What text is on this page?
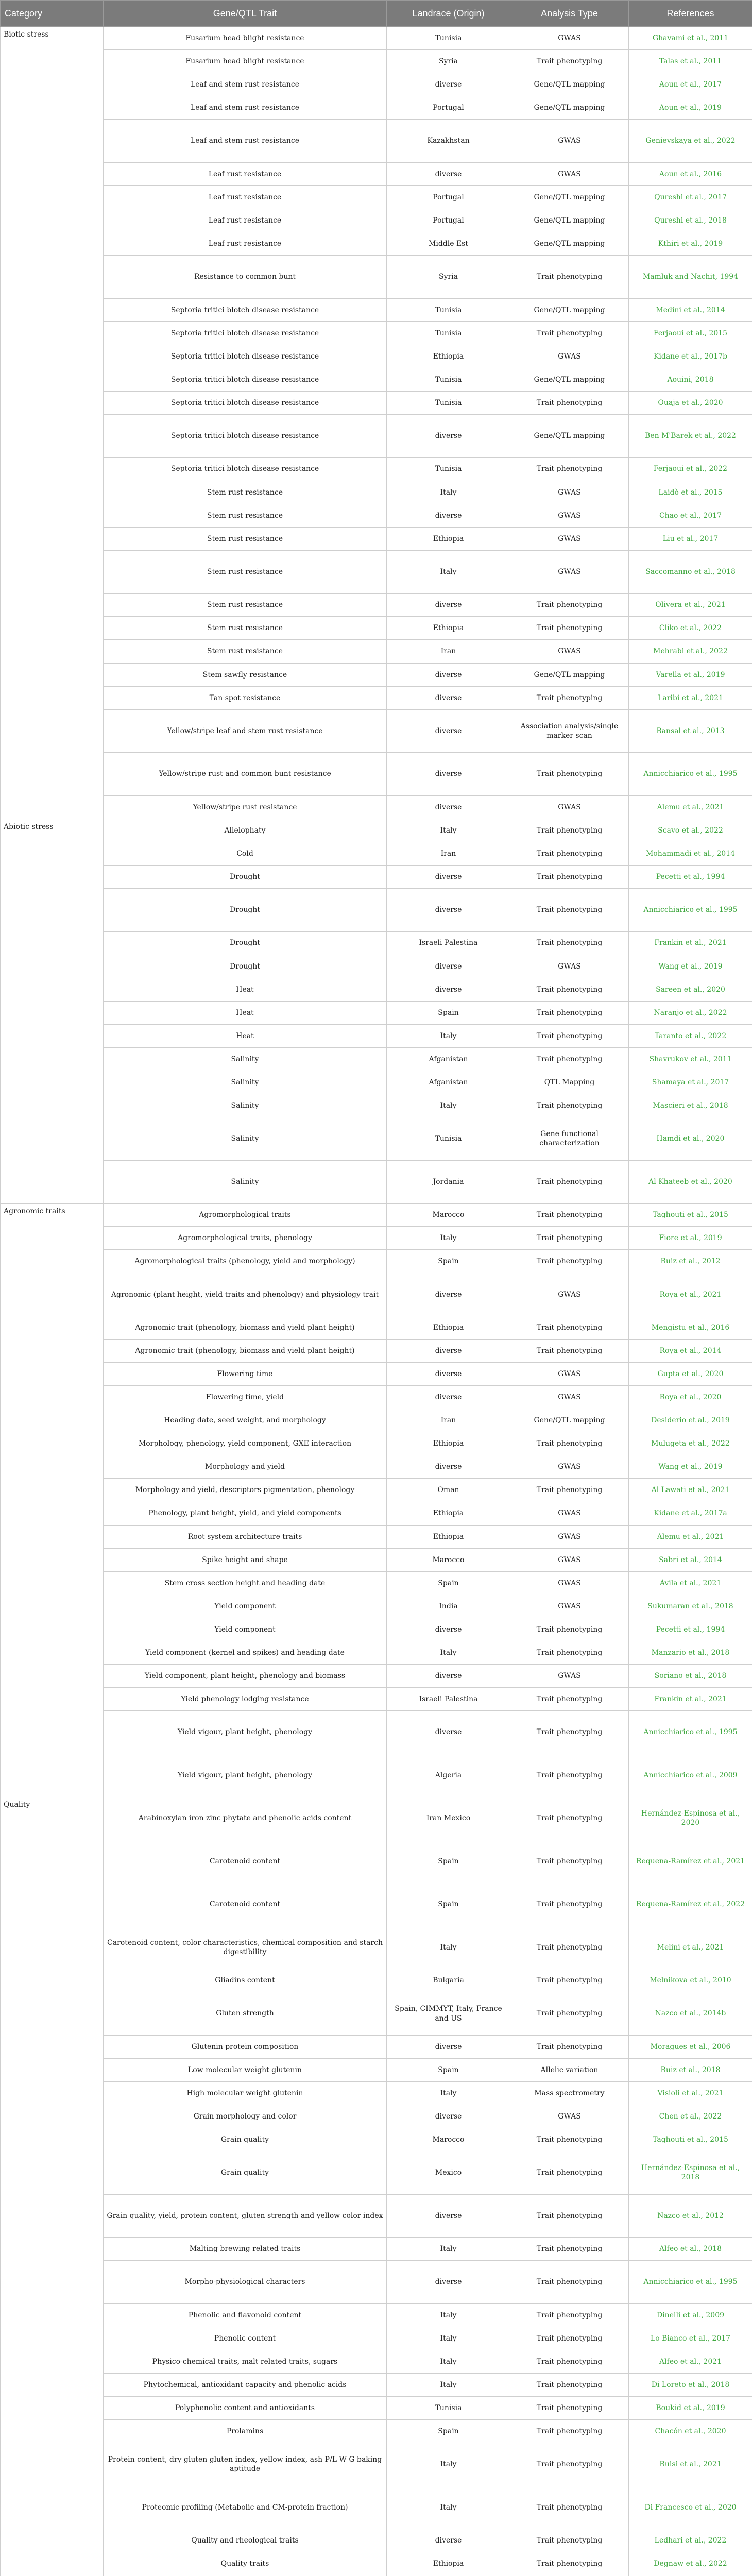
Category	Gene/QTL Trait	Landrace (Origin)	Analysis Type	References
Biotic stress	Fusarium head blight resistance	Tunisia	GWAS	Ghavami et al., 2011
	Fusarium head blight resistance	Syria	Trait phenotyping	Talas et al., 2011
	Leaf and stem rust resistance	diverse	Gene/QTL mapping	Aoun et al., 2017
	Leaf and stem rust resistance	Portugal	Gene/QTL mapping	Aoun et al., 2019
	Leaf and stem rust resistance	Kazakhstan	GWAS	Genievskaya et al., 2022
	Leaf rust resistance	diverse	GWAS	Aoun et al., 2016
	Leaf rust resistance	Portugal	Gene/QTL mapping	Qureshi et al., 2017
	Leaf rust resistance	Portugal	Gene/QTL mapping	Qureshi et al., 2018
	Leaf rust resistance	Middle Est	Gene/QTL mapping	Kthiri et al., 2019
	Resistance to common bunt	Syria	Trait phenotyping	Mamluk and Nachit, 1994
	Septoria tritici blotch disease resistance	Tunisia	Gene/QTL mapping	Medini et al., 2014
	Septoria tritici blotch disease resistance	Tunisia	Trait phenotyping	Ferjaoui et al., 2015
	Septoria tritici blotch disease resistance	Ethiopia	GWAS	Kidane et al., 2017b
	Septoria tritici blotch disease resistance	Tunisia	Gene/QTL mapping	Aouini, 2018
	Septoria tritici blotch disease resistance	Tunisia	Trait phenotyping	Ouaja et al., 2020
	Septoria tritici blotch disease resistance	diverse	Gene/QTL mapping	Ben M'Barek et al., 2022
	Septoria tritici blotch disease resistance	Tunisia	Trait phenotyping	Ferjaoui et al., 2022
	Stem rust resistance	Italy	GWAS	Laidò et al., 2015
	Stem rust resistance	diverse	GWAS	Chao et al., 2017
	Stem rust resistance	Ethiopia	GWAS	Liu et al., 2017
	Stem rust resistance	Italy	GWAS	Saccomanno et al., 2018
	Stem rust resistance	diverse	Trait phenotyping	Olivera et al., 2021
	Stem rust resistance	Ethiopia	Trait phenotyping	Cliko et al., 2022
	Stem rust resistance	Iran	GWAS	Mehrabi et al., 2022
	Stem sawfly resistance	diverse	Gene/QTL mapping	Varella et al., 2019
	Tan spot resistance	diverse	Trait phenotyping	Laribi et al., 2021
	Yellow/stripe leaf and stem rust resistance	diverse	Association analysis/single marker scan	Bansal et al., 2013
	Yellow/stripe rust and common bunt resistance	diverse	Trait phenotyping	Annicchiarico et al., 1995
	Yellow/stripe rust resistance	diverse	GWAS	Alemu et al., 2021
Abiotic stress	Allelophaty	Italy	Trait phenotyping	Scavo et al., 2022
	Cold	Iran	Trait phenotyping	Mohammadi et al., 2014
	Drought	diverse	Trait phenotyping	Pecetti et al., 1994
	Drought	diverse	Trait phenotyping	Annicchiarico et al., 1995
	Drought	Israeli Palestina	Trait phenotyping	Frankin et al., 2021
	Drought	diverse	GWAS	Wang et al., 2019
	Heat	diverse	Trait phenotyping	Sareen et al., 2020
	Heat	Spain	Trait phenotyping	Naranjo et al., 2022
	Heat	Italy	Trait phenotyping	Taranto et al., 2022
	Salinity	Afganistan	Trait phenotyping	Shavrukov et al., 2011
	Salinity	Afganistan	QTL Mapping	Shamaya et al., 2017
	Salinity	Italy	Trait phenotyping	Mascieri et al., 2018
	Salinity	Tunisia	Gene functional characterization	Hamdi et al., 2020
	Salinity	Jordania	Trait phenotyping	Al Khateeb et al., 2020
Agronomic traits	Agromorphological traits	Marocco	Trait phenotyping	Taghouti et al., 2015
	Agromorphological traits, phenology	Italy	Trait phenotyping	Fiore et al., 2019
	Agromorphological traits (phenology, yield and morphology)	Spain	Trait phenotyping	Ruiz et al., 2012
	Agronomic (plant height, yield traits and phenology) and physiology trait	diverse	GWAS	Roya et al., 2021
	Agronomic trait (phenology, biomass and yield plant height)	Ethiopia	Trait phenotyping	Mengistu et al., 2016
	Agronomic trait (phenology, biomass and yield plant height)	diverse	Trait phenotyping	Roya et al., 2014
	Flowering time	diverse	GWAS	Gupta et al., 2020
	Flowering time, yield	diverse	GWAS	Roya et al., 2020
	Heading date, seed weight, and morphology	Iran	Gene/QTL mapping	Desiderio et al., 2019
	Morphology, phenology, yield component, GXE interaction	Ethiopia	Trait phenotyping	Mulugeta et al., 2022
	Morphology and yield	diverse	GWAS	Wang et al., 2019
	Morphology and yield, descriptors pigmentation, phenology	Oman	Trait phenotyping	Al Lawati et al., 2021
	Phenology, plant height, yield, and yield components	Ethiopia	GWAS	Kidane et al., 2017a
	Root system architecture traits	Ethiopia	GWAS	Alemu et al., 2021
	Spike height and shape	Marocco	GWAS	Sabri et al., 2014
	Stem cross section height and heading date	Spain	GWAS	Ávila et al., 2021
	Yield component	India	GWAS	Sukumaran et al., 2018
	Yield component	diverse	Trait phenotyping	Pecetti et al., 1994
	Yield component (kernel and spikes) and heading date	Italy	Trait phenotyping	Manzario et al., 2018
	Yield component, plant height, phenology and biomass	diverse	GWAS	Soriano et al., 2018
	Yield phenology lodging resistance	Israeli Palestina	Trait phenotyping	Frankin et al., 2021
	Yield vigour, plant height, phenology	diverse	Trait phenotyping	Annicchiarico et al., 1995
	Yield vigour, plant height, phenology	Algeria	Trait phenotyping	Annicchiarico et al., 2009
Quality	Arabinoxylan iron zinc phytate and phenolic acids content	Iran Mexico	Trait phenotyping	Hernández-Espinosa et al., 2020
	Carotenoid content	Spain	Trait phenotyping	Requena-Ramírez et al., 2021
	Carotenoid content	Spain	Trait phenotyping	Requena-Ramírez et al., 2022
	Carotenoid content, color characteristics, chemical composition and starch digestibility	Italy	Trait phenotyping	Melini et al., 2021
	Gliadins content	Bulgaria	Trait phenotyping	Melnikova et al., 2010
	Gluten strength	Spain, CIMMYT, Italy, France and US	Trait phenotyping	Nazco et al., 2014b
	Glutenin protein composition	diverse	Trait phenotyping	Moragues et al., 2006
	Low molecular weight glutenin	Spain	Allelic variation	Ruiz et al., 2018
	High molecular weight glutenin	Italy	Mass spectrometry	Visioli et al., 2021
	Grain morphology and color	diverse	GWAS	Chen et al., 2022
	Grain quality	Marocco	Trait phenotyping	Taghouti et al., 2015
	Grain quality	Mexico	Trait phenotyping	Hernández-Espinosa et al., 2018
	Grain quality, yield, protein content, gluten strength and yellow color index	diverse	Trait phenotyping	Nazco et al., 2012
	Malting brewing related traits	Italy	Trait phenotyping	Alfeo et al., 2018
	Morpho-physiological characters	diverse	Trait phenotyping	Annicchiarico et al., 1995
	Phenolic and flavonoid content	Italy	Trait phenotyping	Dinelli et al., 2009
	Phenolic content	Italy	Trait phenotyping	Lo Bianco et al., 2017
	Physico-chemical traits, malt related traits, sugars	Italy	Trait phenotyping	Alfeo et al., 2021
	Phytochemical, antioxidant capacity and phenolic acids	Italy	Trait phenotyping	Di Loreto et al., 2018
	Polyphenolic content and antioxidants	Tunisia	Trait phenotyping	Boukid et al., 2019
	Prolamins	Spain	Trait phenotyping	Chacón et al., 2020
	Protein content, dry gluten gluten index, yellow index, ash P/L W G baking aptitude	Italy	Trait phenotyping	Ruisi et al., 2021
	Proteomic profiling (Metabolic and CM-protein fraction)	Italy	Trait phenotyping	Di Francesco et al., 2020
	Quality and rheological traits	diverse	Trait phenotyping	Ledhari et al., 2022
	Quality traits	Ethiopia	Trait phenotyping	Degnaw et al., 2022
